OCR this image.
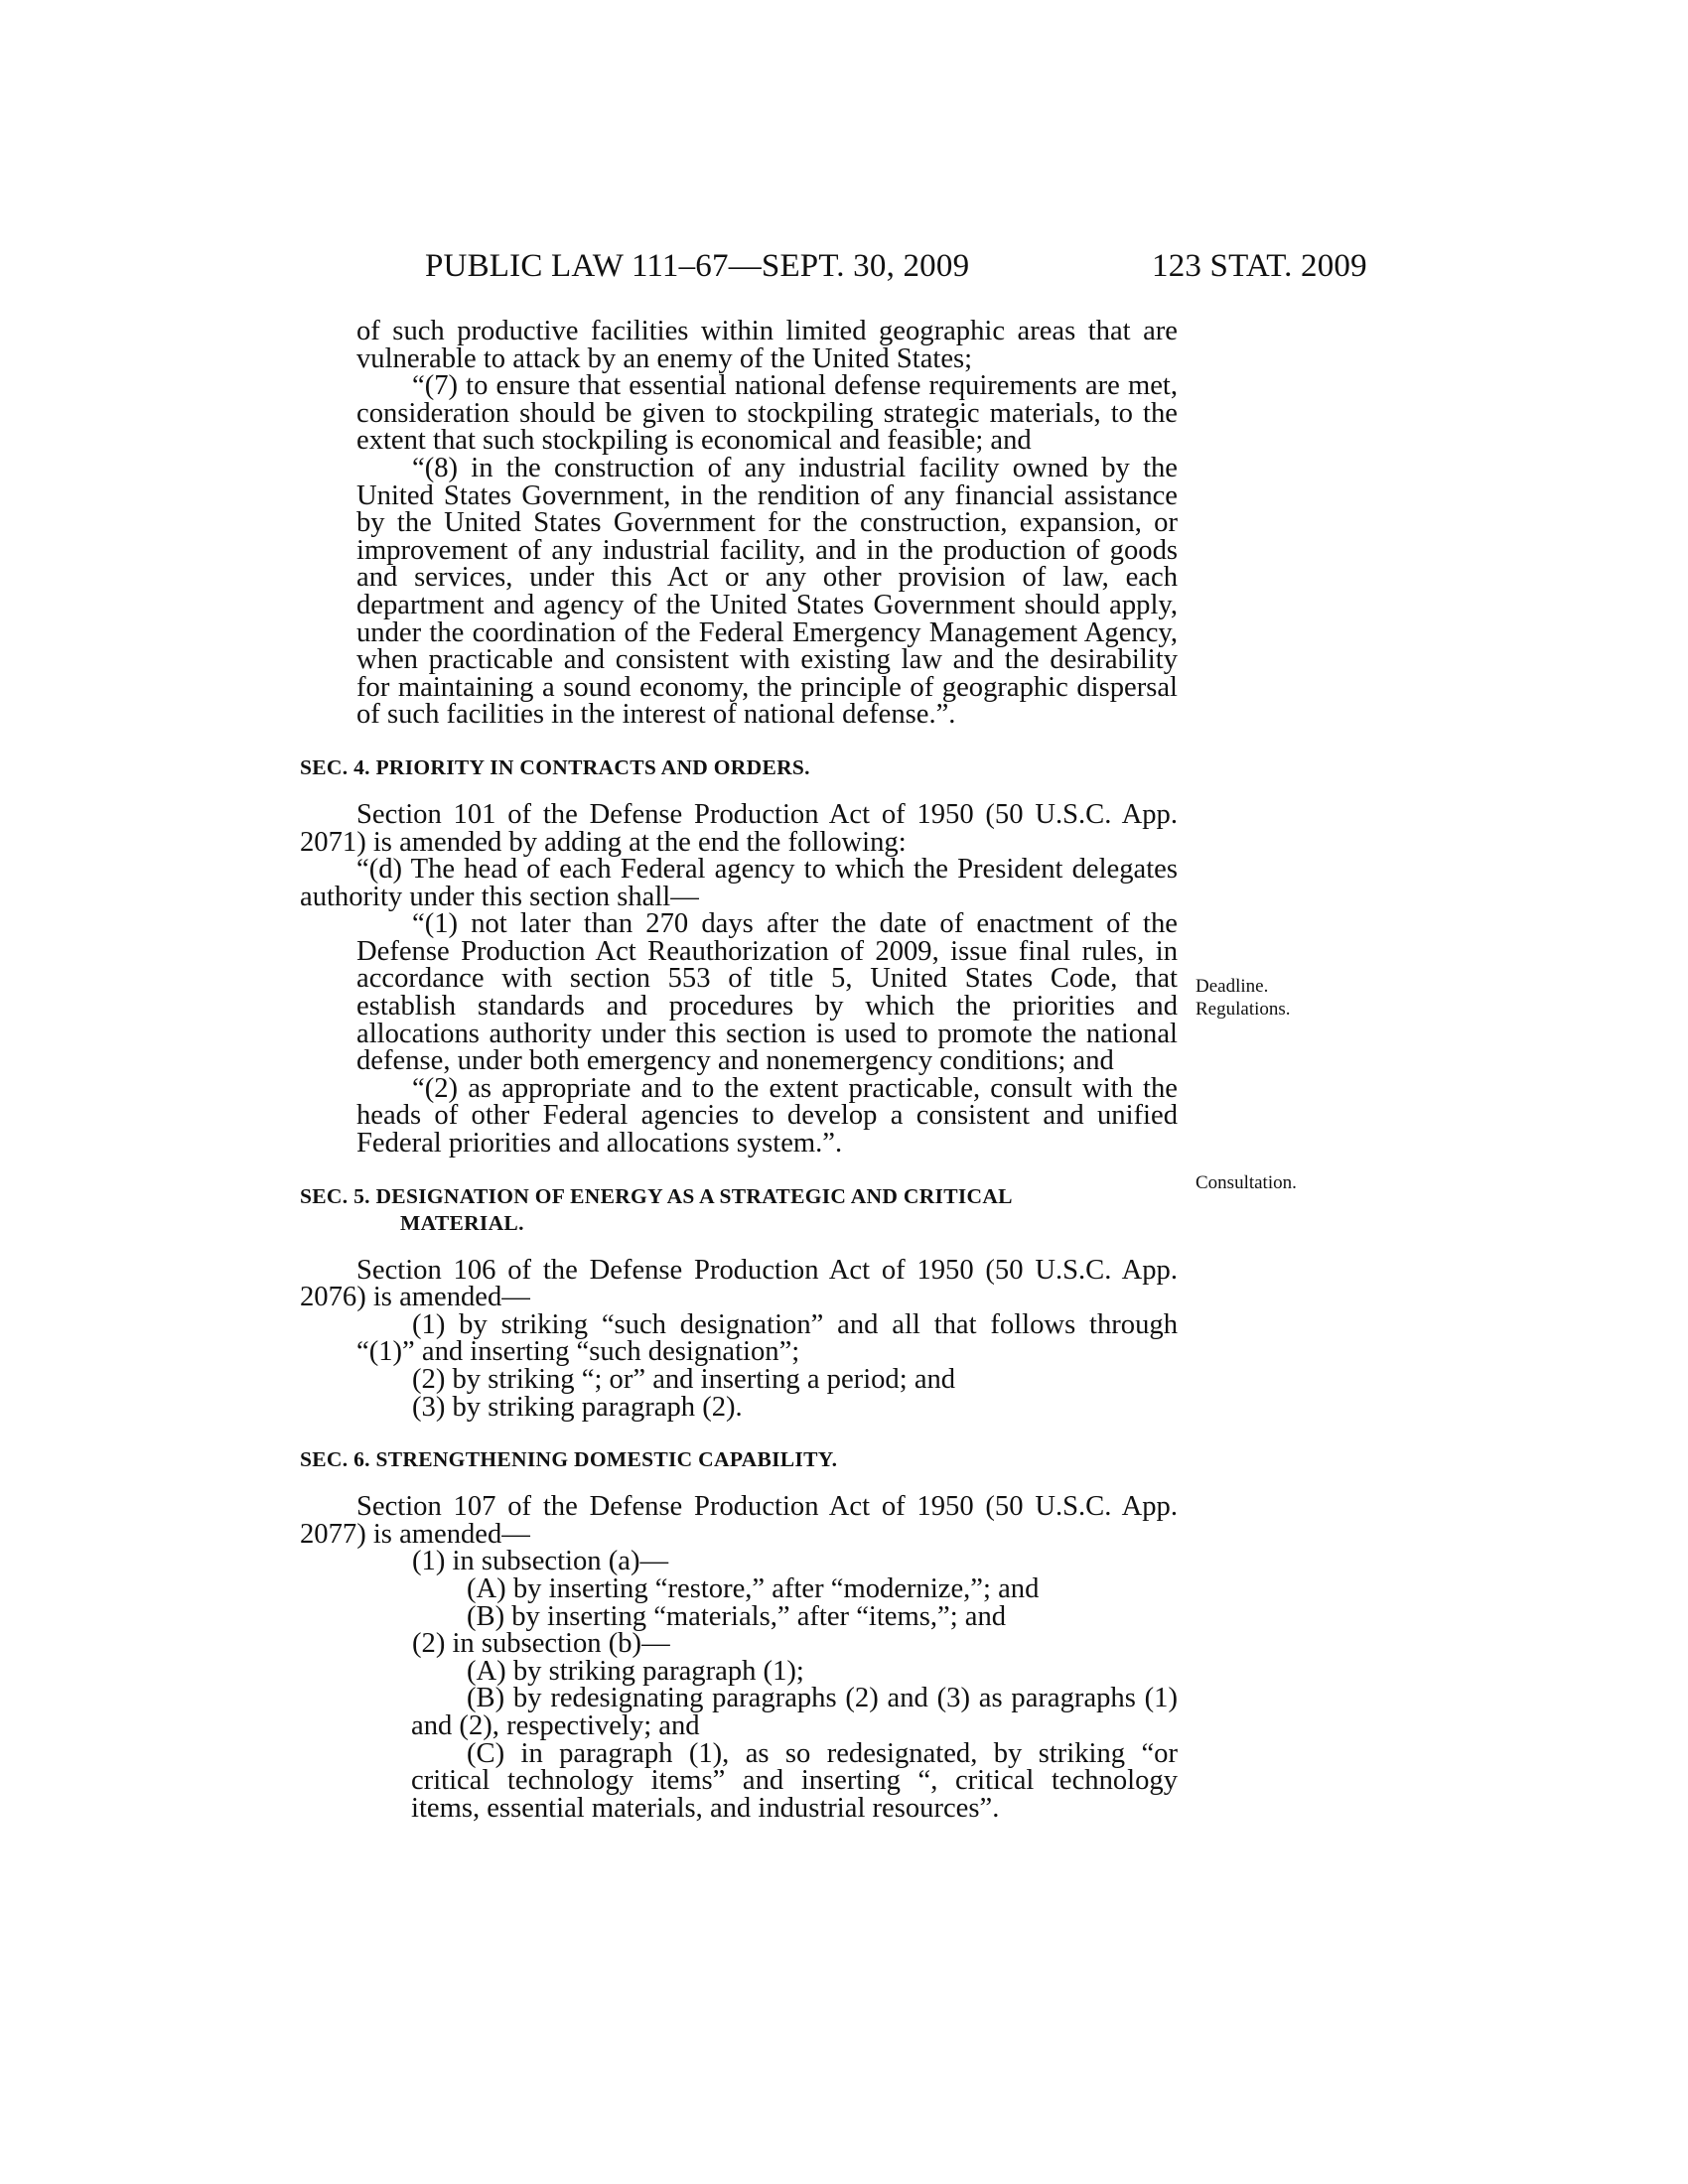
PUBLIC LAW 111–67—SEPT. 30, 2009	123 STAT. 2009

of such productive facilities within limited geographic areas that are vulnerable to attack by an enemy of the United States;

“(7) to ensure that essential national defense requirements are met, consideration should be given to stockpiling strategic materials, to the extent that such stockpiling is economical and feasible; and

“(8) in the construction of any industrial facility owned by the United States Government, in the rendition of any financial assistance by the United States Government for the construction, expansion, or improvement of any industrial facility, and in the production of goods and services, under this Act or any other provision of law, each department and agency of the United States Government should apply, under the coordination of the Federal Emergency Management Agency, when practicable and consistent with existing law and the desirability for maintaining a sound economy, the principle of geographic dispersal of such facilities in the interest of national defense.”.

SEC. 4. PRIORITY IN CONTRACTS AND ORDERS.

Section 101 of the Defense Production Act of 1950 (50 U.S.C. App. 2071) is amended by adding at the end the following:

“(d) The head of each Federal agency to which the President delegates authority under this section shall—

“(1) not later than 270 days after the date of enactment of the Defense Production Act Reauthorization of 2009, issue final rules, in accordance with section 553 of title 5, United States Code, that establish standards and procedures by which the priorities and allocations authority under this section is used to promote the national defense, under both emergency and nonemergency conditions; and

“(2) as appropriate and to the extent practicable, consult with the heads of other Federal agencies to develop a consistent and unified Federal priorities and allocations system.”.

SEC. 5. DESIGNATION OF ENERGY AS A STRATEGIC AND CRITICAL
MATERIAL.

Section 106 of the Defense Production Act of 1950 (50 U.S.C. App. 2076) is amended—

(1) by striking “such designation” and all that follows through “(1)” and inserting “such designation”;

(2) by striking “; or” and inserting a period; and

(3) by striking paragraph (2).

SEC. 6. STRENGTHENING DOMESTIC CAPABILITY.

Section 107 of the Defense Production Act of 1950 (50 U.S.C. App. 2077) is amended—

(1) in subsection (a)—

(A) by inserting “restore,” after “modernize,”; and

(B) by inserting “materials,” after “items,”; and

(2) in subsection (b)—

(A) by striking paragraph (1);

(B) by redesignating paragraphs (2) and (3) as paragraphs (1) and (2), respectively; and

(C) in paragraph (1), as so redesignated, by striking “or critical technology items” and inserting “, critical technology items, essential materials, and industrial resources”.

Deadline.
Regulations.
Consultation.
